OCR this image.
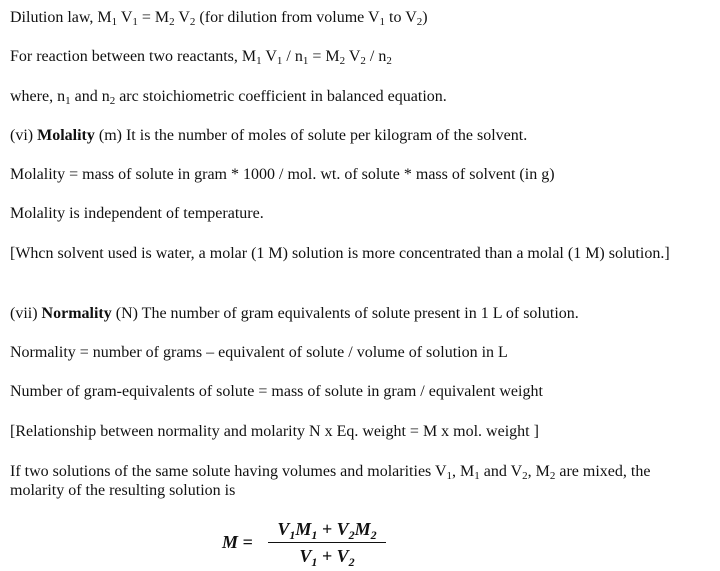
Dilution law, $M_1$ $V_1 = M_2$ $V_2$ (for dilution from volume $V_1$ to $V_2$)
For reaction between two reactants, $M_1$ $V_1 / n_1 = M_2$ $V_2 / n_2$
where, $n_1$ and $n_2$ arc stoichiometric coefficient in balanced equation.
(vi) Molality (m) It is the number of moles of solute per kilogram of the solvent.
Molality = mass of solute in gram * 1000 / mol. wt. of solute * mass of solvent (in g)
Molality is independent of temperature.
[Whcn solvent used is water, a molar (1 M) solution is more concentrated than a molal (1 M) solution.]
(vii) Normality (N) The number of gram equivalents of solute present in 1 L of solution.
Normality = number of grams – equivalent of solute / volume of solution in L
Number of gram-equivalents of solute = mass of solute in gram / equivalent weight
[Relationship between normality and molarity N x Eq. weight = M x mol. weight ]
If two solutions of the same solute having volumes and molarities $V_1$, $M_1$ and $V_2$, $M_2$ are mixed, the molarity of the resulting solution is
M =
$V_1M_1 + V_2M_2$
$V_1 + V_2$
